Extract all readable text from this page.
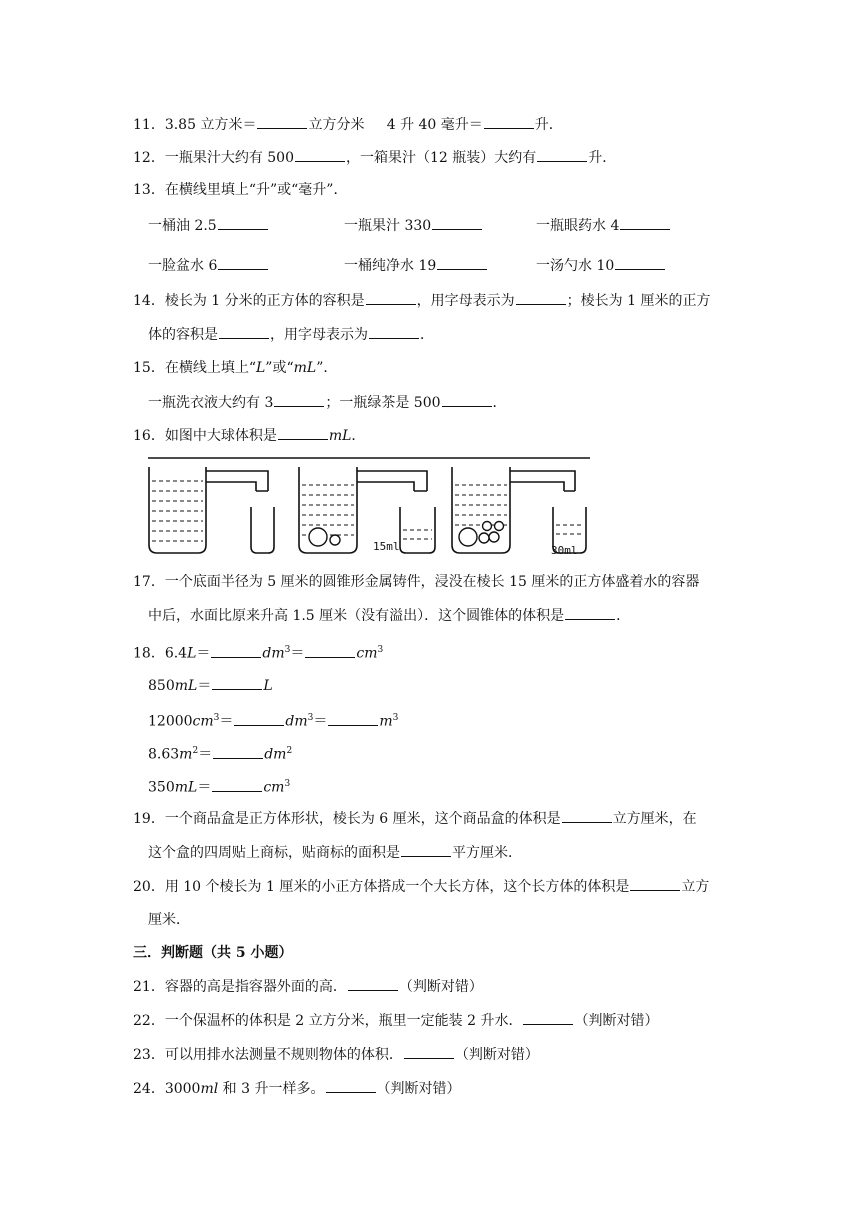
11．3.85 立方米＝	立方分米 4 升 40 毫升＝	升．
12．一瓶果汁大约有 500	，一箱果汁（12 瓶装）大约有	升．
13．在横线里填上“升”或“毫升”．
一桶油 2.5	一瓶果汁 330	一瓶眼药水 4
一脸盆水 6	一桶纯净水 19	一汤勺水 10
14．棱长为 1 分米的正方体的容积是	，用字母表示为	；棱长为 1 厘米的正方
体的容积是	，用字母表示为	．
15．在横线上填上“L”或“mL”．
一瓶洗衣液大约有 3	；一瓶绿茶是 500	．
16．如图中大球体积是	mL．
15ml	30ml
17．一个底面半径为 5 厘米的圆锥形金属铸件，浸没在棱长 15 厘米的正方体盛着水的容器
中后，水面比原来升高 1.5 厘米（没有溢出）．这个圆锥体的体积是	．
18．6.4L＝	$dm^3=$	$cm^3$
850mL＝	L
$12000cm^3=$	$dm^3=$	$m^3$
$8.63m^2=$	$dm^2$
350mL＝	$cm^3$
19．一个商品盒是正方体形状，棱长为 6 厘米，这个商品盒的体积是	立方厘米，在
这个盒的四周贴上商标，贴商标的面积是	平方厘米．
20．用 10 个棱长为 1 厘米的小正方体搭成一个大长方体，这个长方体的体积是	立方
厘米．
三．判断题（共 5 小题）
21．容器的高是指容器外面的高．	（判断对错）
22．一个保温杯的体积是 2 立方分米，瓶里一定能装 2 升水．	（判断对错）
23．可以用排水法测量不规则物体的体积．	（判断对错）
24．3000ml 和 3 升一样多。	（判断对错）
